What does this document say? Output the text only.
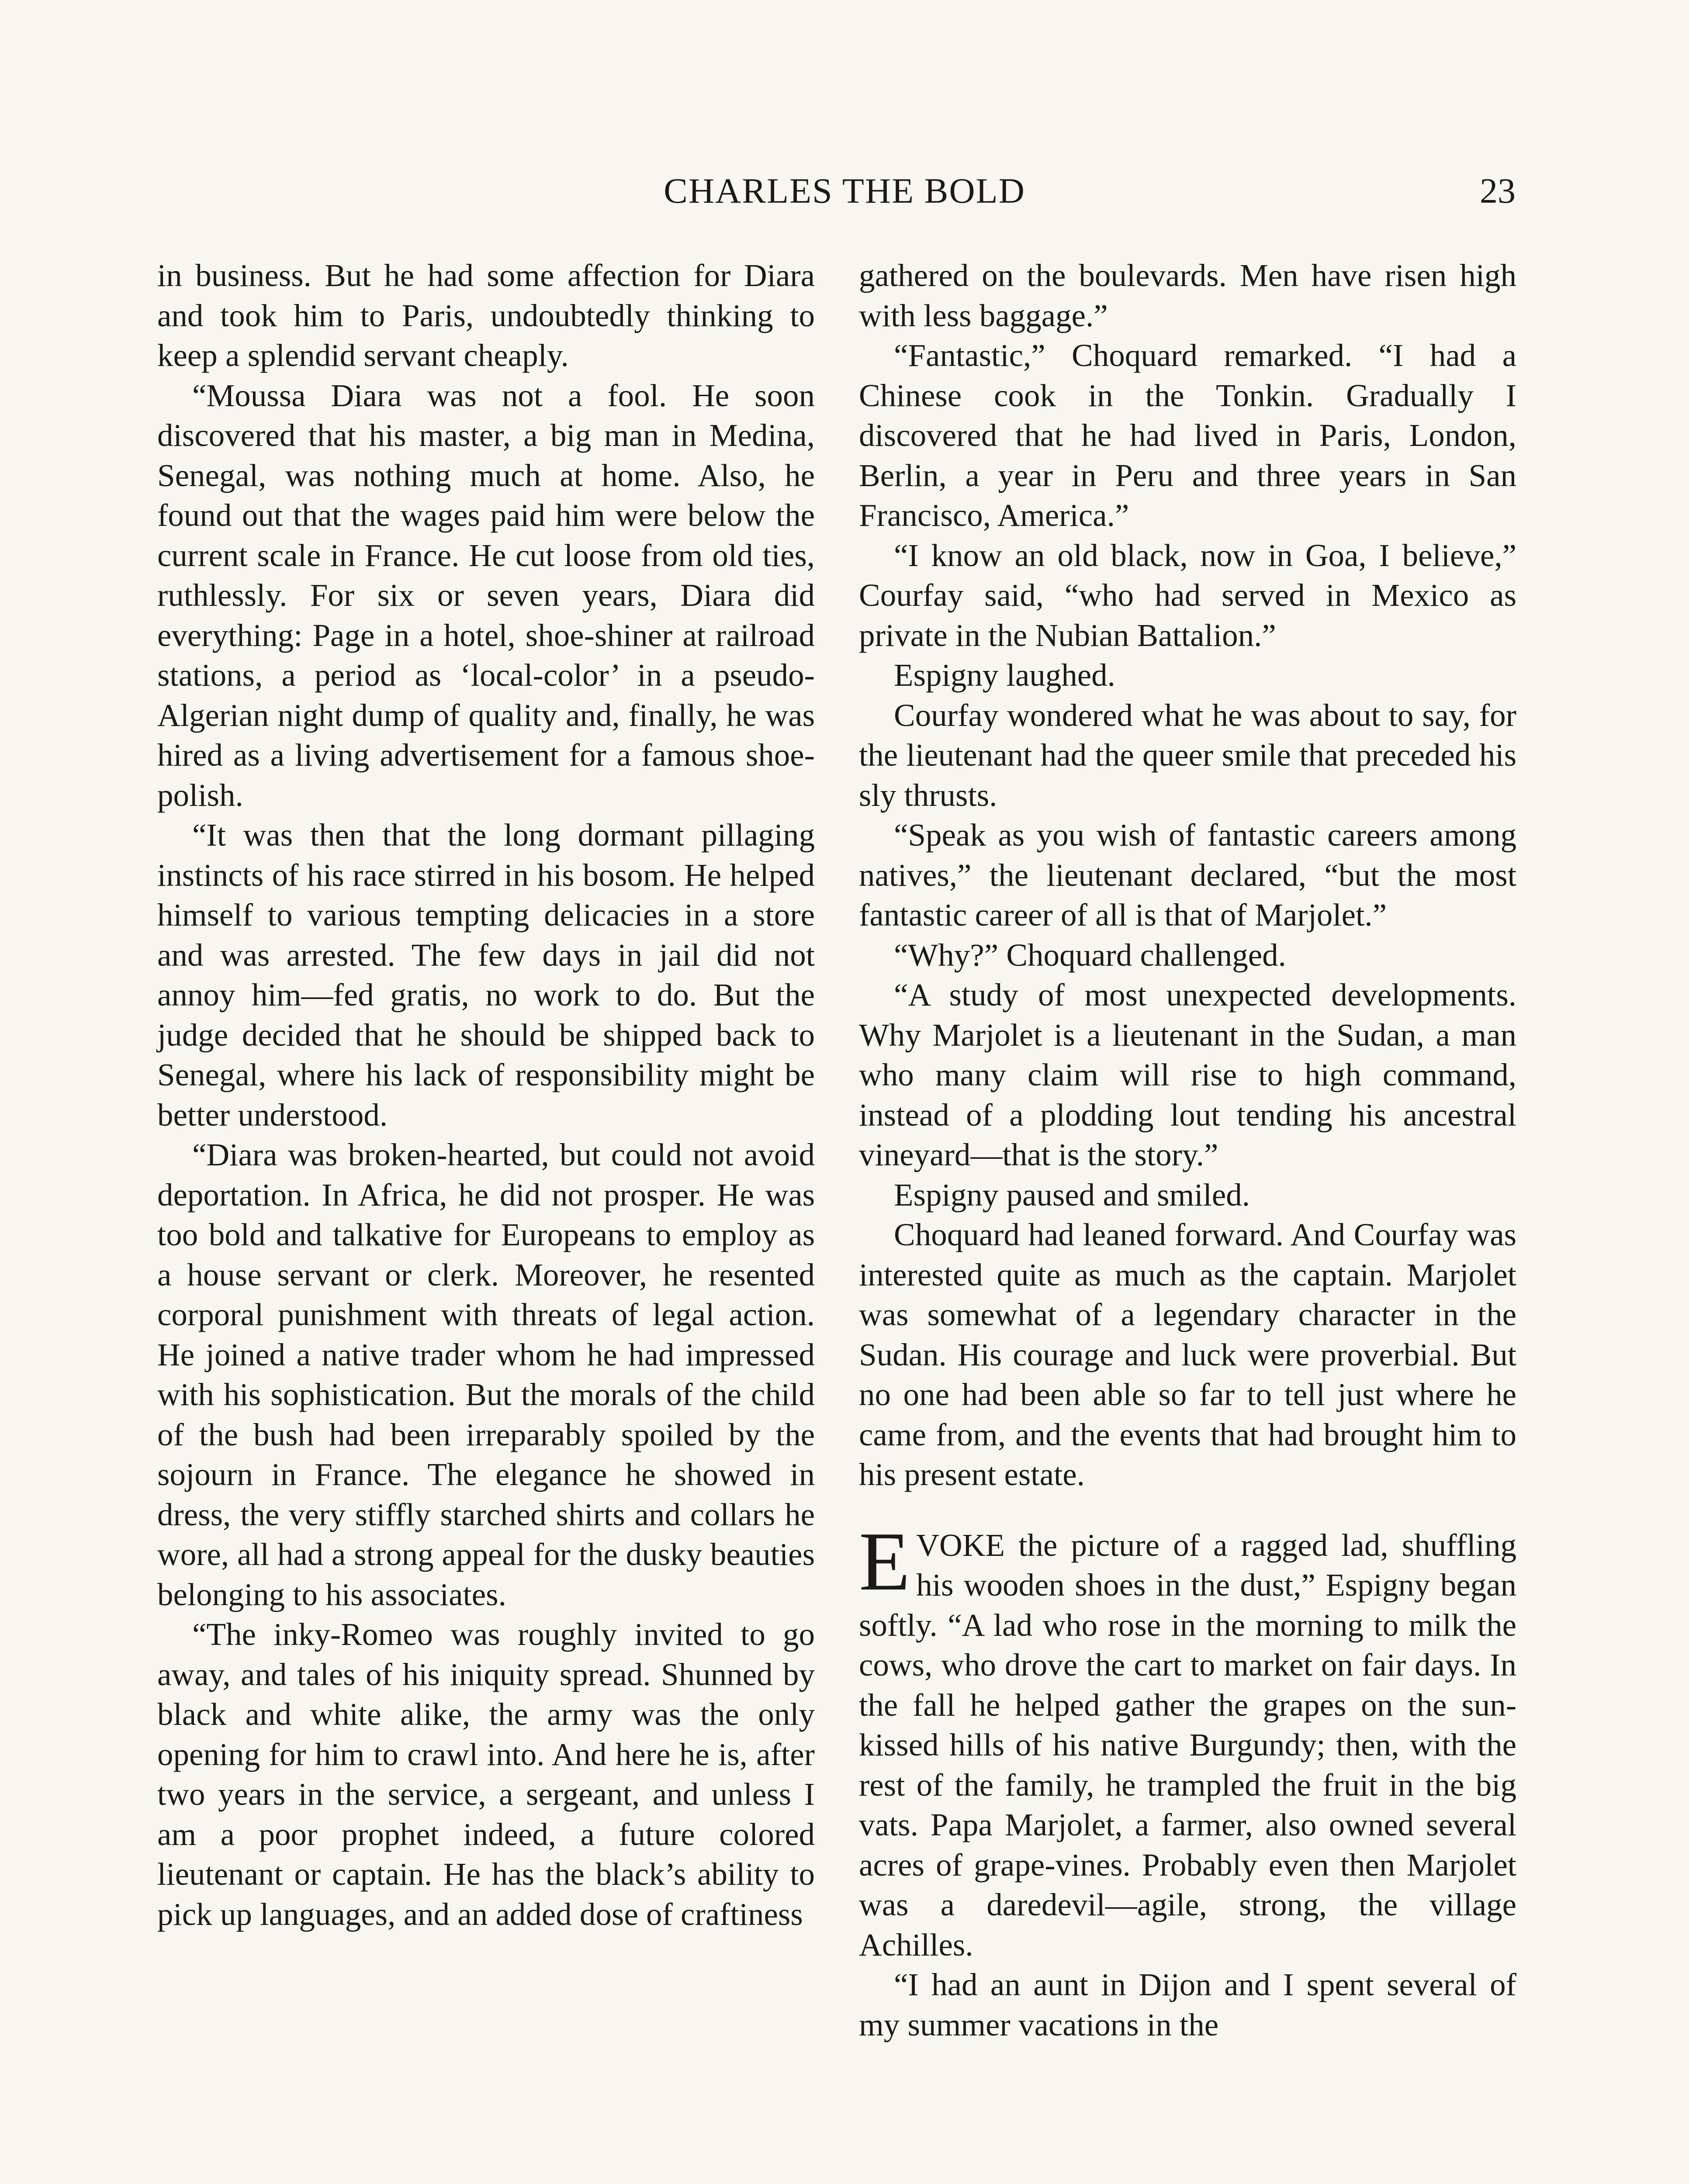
CHARLES THE BOLD	23

in business. But he had some affection for Diara and took him to Paris, undoubtedly thinking to keep a splendid servant cheaply.

“Moussa Diara was not a fool. He soon discovered that his master, a big man in Medina, Senegal, was nothing much at home. Also, he found out that the wages paid him were below the current scale in France. He cut loose from old ties, ruthlessly. For six or seven years, Diara did everything: Page in a hotel, shoe-shiner at railroad stations, a period as ‘local-color’ in a pseudo-Algerian night dump of quality and, finally, he was hired as a living advertisement for a famous shoe-polish.

“It was then that the long dormant pillaging instincts of his race stirred in his bosom. He helped himself to various tempting delicacies in a store and was arrested. The few days in jail did not annoy him—fed gratis, no work to do. But the judge decided that he should be shipped back to Senegal, where his lack of responsibility might be better understood.

“Diara was broken-hearted, but could not avoid deportation. In Africa, he did not prosper. He was too bold and talkative for Europeans to employ as a house servant or clerk. Moreover, he resented corporal punishment with threats of legal action. He joined a native trader whom he had impressed with his sophistication. But the morals of the child of the bush had been irreparably spoiled by the sojourn in France. The elegance he showed in dress, the very stiffly starched shirts and collars he wore, all had a strong appeal for the dusky beauties belonging to his associates.

“The inky-Romeo was roughly invited to go away, and tales of his iniquity spread. Shunned by black and white alike, the army was the only opening for him to crawl into. And here he is, after two years in the service, a sergeant, and unless I am a poor prophet indeed, a future colored lieutenant or captain. He has the black’s ability to pick up languages, and an added dose of craftiness

gathered on the boulevards. Men have risen high with less baggage.”

“Fantastic,” Choquard remarked. “I had a Chinese cook in the Tonkin. Gradually I discovered that he had lived in Paris, London, Berlin, a year in Peru and three years in San Francisco, America.”

“I know an old black, now in Goa, I believe,” Courfay said, “who had served in Mexico as private in the Nubian Battalion.”

Espigny laughed.

Courfay wondered what he was about to say, for the lieutenant had the queer smile that preceded his sly thrusts.

“Speak as you wish of fantastic careers among natives,” the lieutenant declared, “but the most fantastic career of all is that of Marjolet.”

“Why?” Choquard challenged.

“A study of most unexpected developments. Why Marjolet is a lieutenant in the Sudan, a man who many claim will rise to high command, instead of a plodding lout tending his ancestral vineyard—that is the story.”

Espigny paused and smiled.

Choquard had leaned forward. And Courfay was interested quite as much as the captain. Marjolet was somewhat of a legendary character in the Sudan. His courage and luck were proverbial. But no one had been able so far to tell just where he came from, and the events that had brought him to his present estate.

EVOKE the picture of a ragged lad, shuffling his wooden shoes in the dust,” Espigny began softly. “A lad who rose in the morning to milk the cows, who drove the cart to market on fair days. In the fall he helped gather the grapes on the sun-kissed hills of his native Burgundy; then, with the rest of the family, he trampled the fruit in the big vats. Papa Marjolet, a farmer, also owned several acres of grape-vines. Probably even then Marjolet was a daredevil—agile, strong, the village Achilles.

“I had an aunt in Dijon and I spent several of my summer vacations in the
